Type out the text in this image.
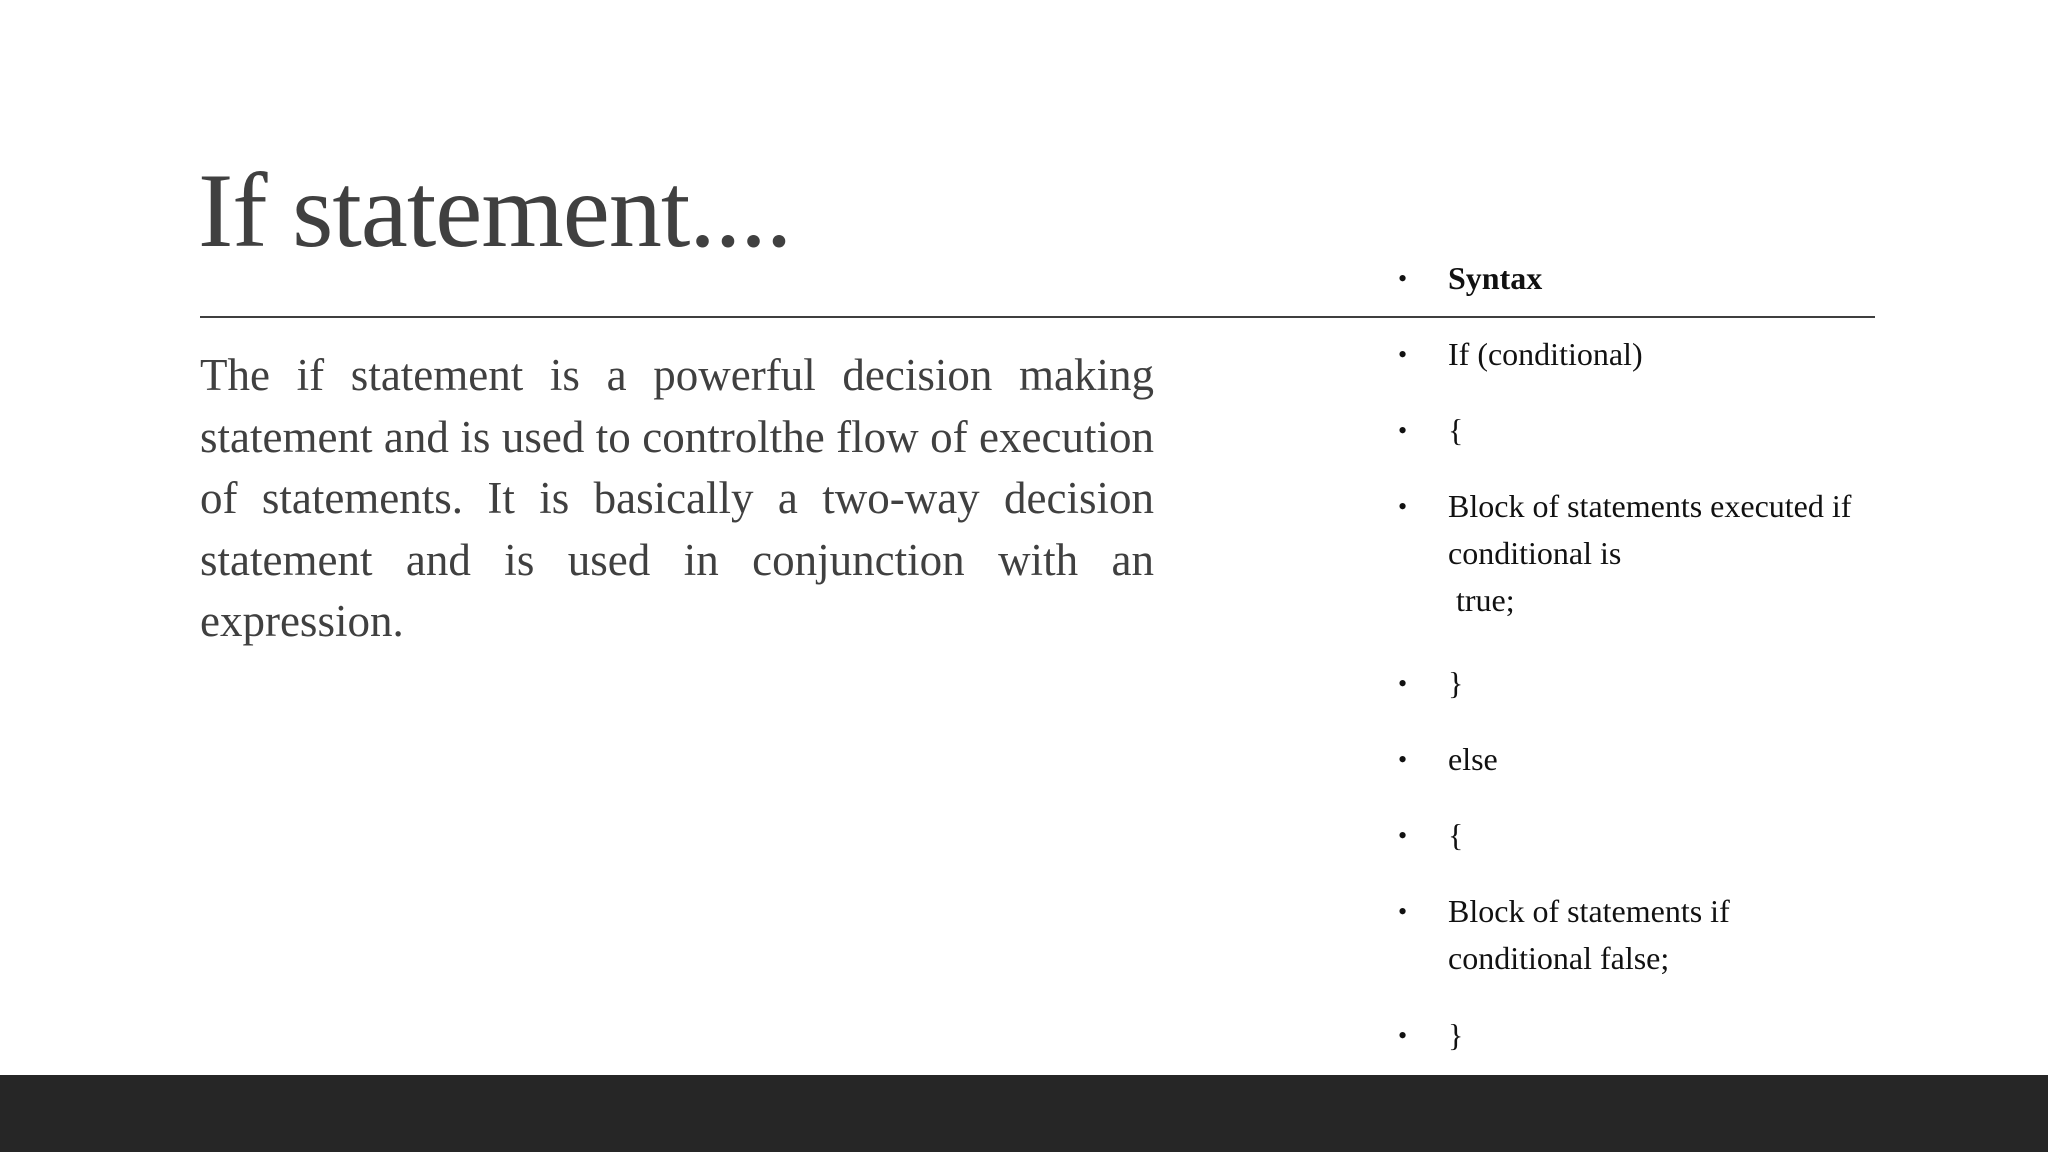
If statement....

The if statement is a powerful decision making statement and is used to controlthe flow of execution of statements. It is basically a two-way decision statement and is used in conjunction with an expression.

•	Syntax
•	If (conditional)
•	{
•	Block of statements executed if conditional is
true;
•	}
•	else
•	{
•	Block of statements if conditional false;
•	}
